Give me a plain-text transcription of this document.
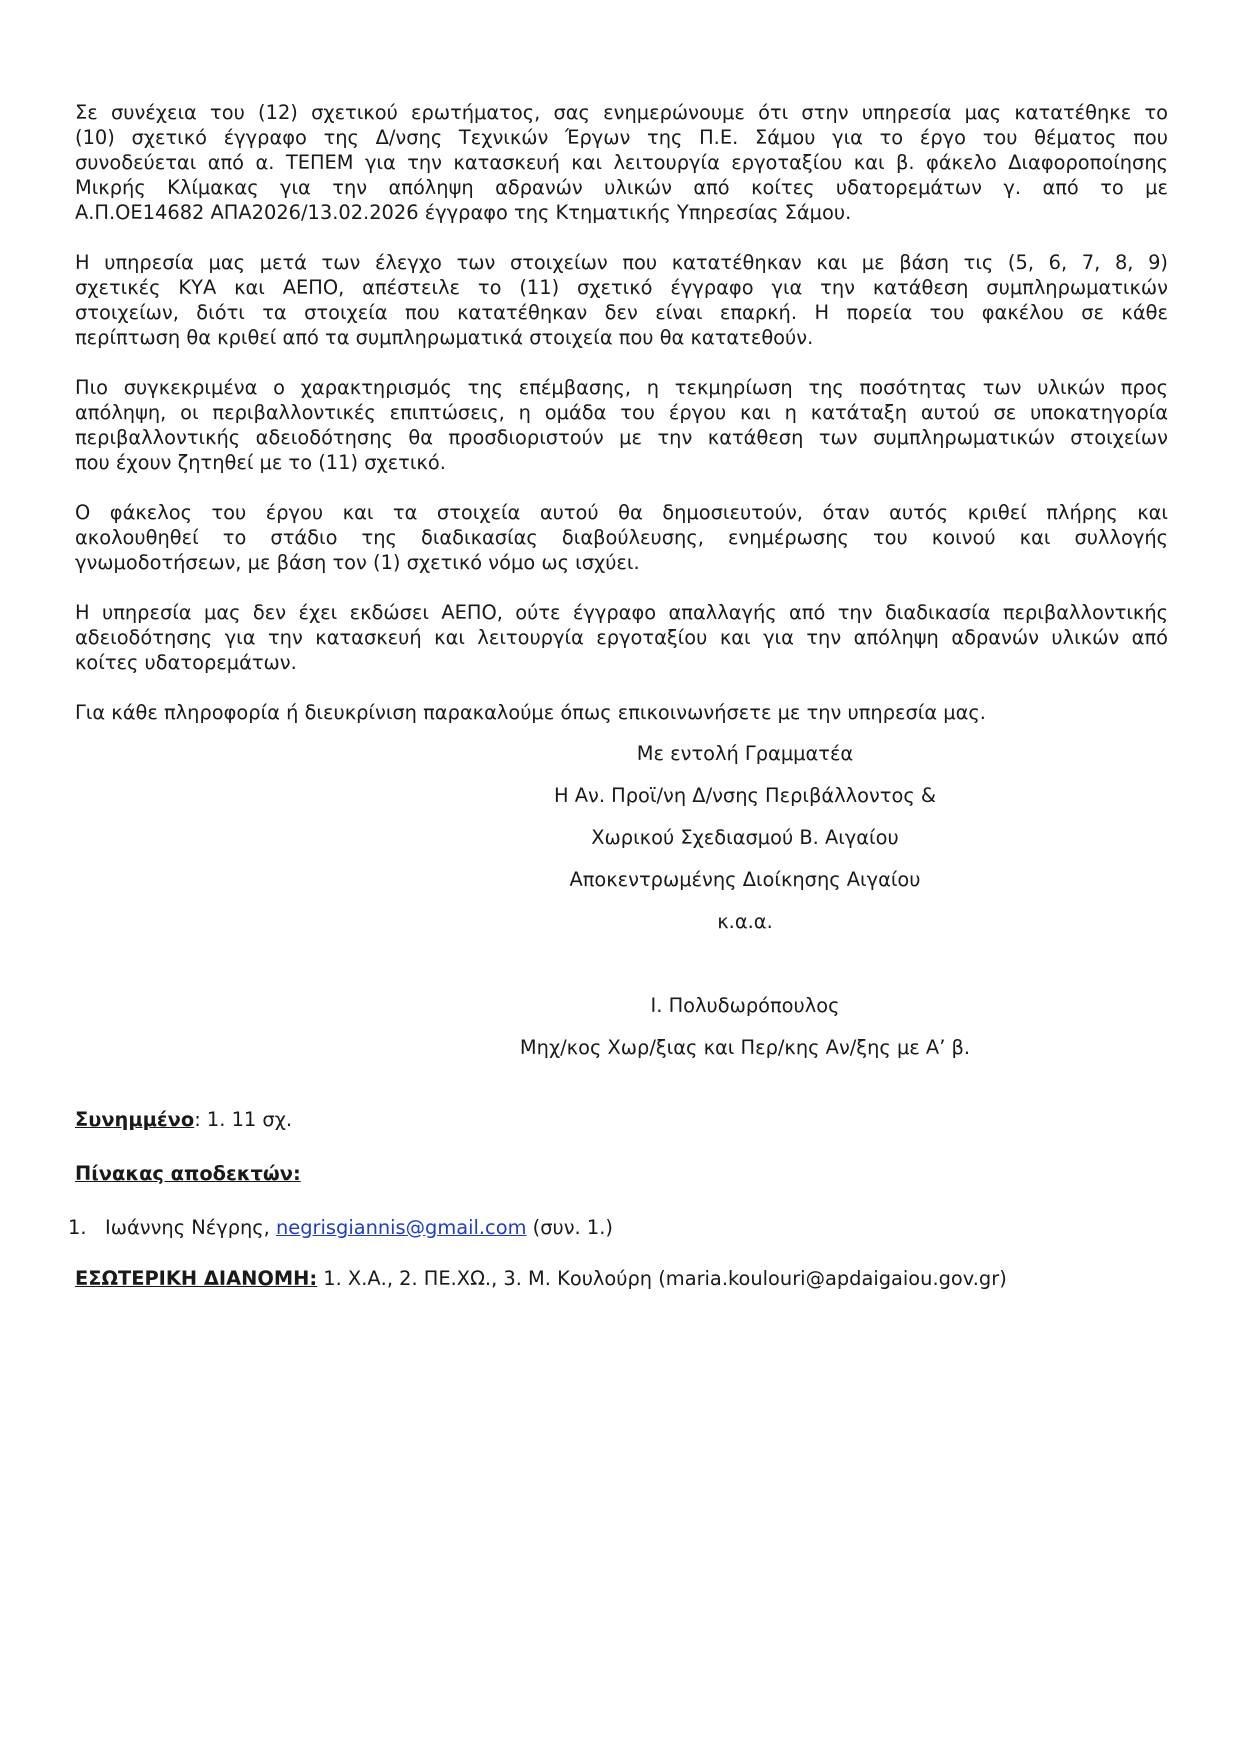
Σε συνέχεια του (12) σχετικού ερωτήματος, σας ενημερώνουμε ότι στην υπηρεσία μας κατατέθηκε το
(10) σχετικό έγγραφο της Δ/νσης Τεχνικών Έργων της Π.Ε. Σάμου για το έργο του θέματος που
συνοδεύεται από α. ΤΕΠΕΜ για την κατασκευή και λειτουργία εργοταξίου και β. φάκελο Διαφοροποίησης
Μικρής Κλίμακας για την απόληψη αδρανών υλικών από κοίτες υδατορεμάτων γ. από το με
Α.Π.ΟΕ14682 ΑΠΑ2026/13.02.2026 έγγραφο της Κτηματικής Υπηρεσίας Σάμου.
Η υπηρεσία μας μετά των έλεγχο των στοιχείων που κατατέθηκαν και με βάση τις (5, 6, 7, 8, 9)
σχετικές ΚΥΑ και ΑΕΠΟ, απέστειλε το (11) σχετικό έγγραφο για την κατάθεση συμπληρωματικών
στοιχείων, διότι τα στοιχεία που κατατέθηκαν δεν είναι επαρκή. Η πορεία του φακέλου σε κάθε
περίπτωση θα κριθεί από τα συμπληρωματικά στοιχεία που θα κατατεθούν.
Πιο συγκεκριμένα ο χαρακτηρισμός της επέμβασης, η τεκμηρίωση της ποσότητας των υλικών προς
απόληψη, οι περιβαλλοντικές επιπτώσεις, η ομάδα του έργου και η κατάταξη αυτού σε υποκατηγορία
περιβαλλοντικής αδειοδότησης θα προσδιοριστούν με την κατάθεση των συμπληρωματικών στοιχείων
που έχουν ζητηθεί με το (11) σχετικό.
Ο φάκελος του έργου και τα στοιχεία αυτού θα δημοσιευτούν, όταν αυτός κριθεί πλήρης και
ακολουθηθεί το στάδιο της διαδικασίας διαβούλευσης, ενημέρωσης του κοινού και συλλογής
γνωμοδοτήσεων, με βάση τον (1) σχετικό νόμο ως ισχύει.
Η υπηρεσία μας δεν έχει εκδώσει ΑΕΠΟ, ούτε έγγραφο απαλλαγής από την διαδικασία περιβαλλοντικής
αδειοδότησης για την κατασκευή και λειτουργία εργοταξίου και για την απόληψη αδρανών υλικών από
κοίτες υδατορεμάτων.
Για κάθε πληροφορία ή διευκρίνιση παρακαλούμε όπως επικοινωνήσετε με την υπηρεσία μας.
Με εντολή Γραμματέα
Η Αν. Προϊ/νη Δ/νσης Περιβάλλοντος &
Χωρικού Σχεδιασμού Β. Αιγαίου
Αποκεντρωμένης Διοίκησης Αιγαίου
κ.α.α.
Ι. Πολυδωρόπουλος
Μηχ/κος Χωρ/ξιας και Περ/κης Αν/ξης με Α’ β.
Συνημμένο: 1. 11 σχ.
Πίνακας αποδεκτών:
1. Ιωάννης Νέγρης, negrisgiannis@gmail.com (συν. 1.)
ΕΣΩΤΕΡΙΚΗ ΔΙΑΝΟΜΗ: 1. Χ.Α., 2. ΠΕ.ΧΩ., 3. Μ. Κουλούρη (maria.koulouri@apdaigaiou.gov.gr)
